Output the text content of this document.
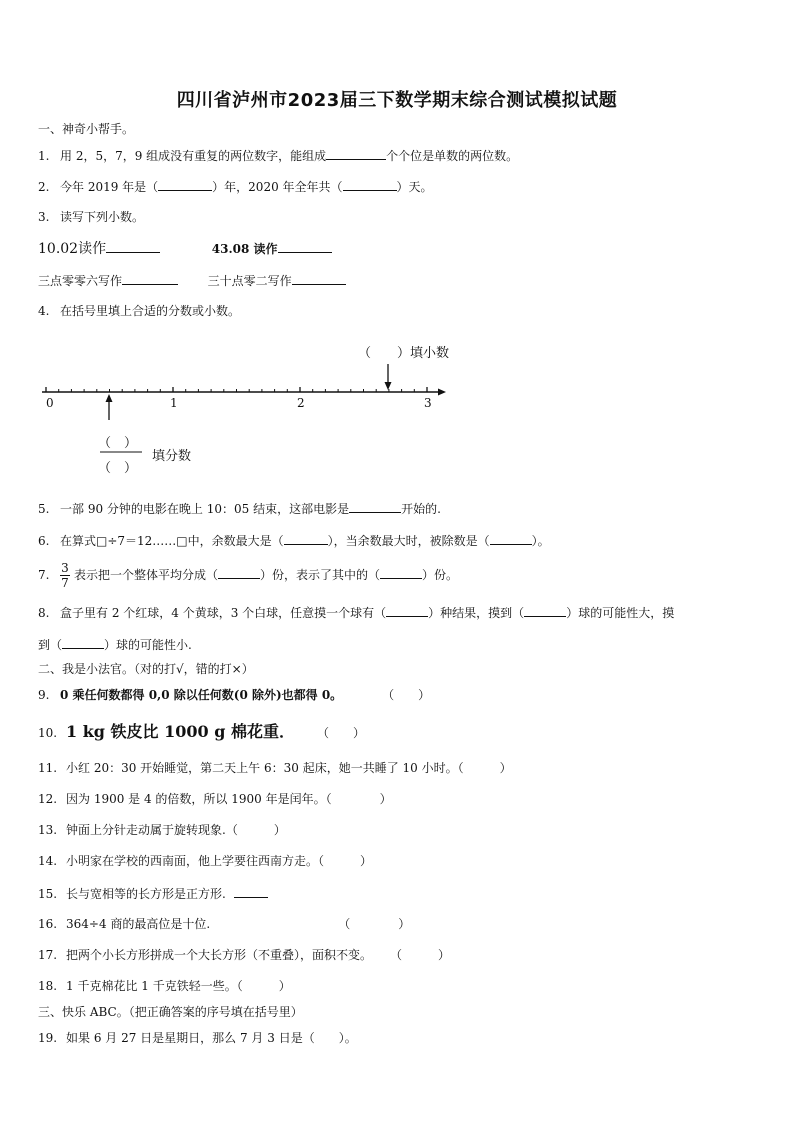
四川省泸州市2023届三下数学期末综合测试模拟试题
一、神奇小帮手。
1. 用 2，5，7，9 组成没有重复的两位数字，能组成	个个位是单数的两位数。
2. 今年 2019 年是（	）年，2020 年全年共（	）天。
3. 读写下列小数。
10.02读作	43.08 读作
三点零零六写作	三十点零二写作
4. 在括号里填上合适的分数或小数。
0	1	2	3
（　　）填小数
（　）
（　）
填分数
5. 一部 90 分钟的电影在晚上 10：05 结束，这部电影是	开始的.
6. 在算式□÷7＝12……□中，余数最大是（	），当余数最大时，被除数是（	）。
7. $\frac{3}{7}$ 表示把一个整体平均分成（	）份，表示了其中的（	）份。
8. 盒子里有 2 个红球，4 个黄球，3 个白球，任意摸一个球有（	）种结果，摸到（	）球的可能性大，摸
到（	）球的可能性小.
二、我是小法官。（对的打√，错的打×）
9. 0 乘任何数都得 0,0 除以任何数(0 除外)也都得 0。	（　　）
10. 1 kg 铁皮比 1000 g 棉花重． （　　）
11. 小红 20：30 开始睡觉，第二天上午 6：30 起床，她一共睡了 10 小时。（　　　）
12. 因为 1900 是 4 的倍数，所以 1900 年是闰年。（　　　　）
13. 钟面上分针走动属于旋转现象.（　　　）
14. 小明家在学校的西南面，他上学要往西南方走。（　　　）
15. 长与宽相等的长方形是正方形.
16. 364÷4 商的最高位是十位.	（　　　　）
17. 把两个小长方形拼成一个大长方形（不重叠），面积不变。 （　　　）
18. 1 千克棉花比 1 千克铁轻一些。（　　　）
三、快乐 ABC。（把正确答案的序号填在括号里）
19. 如果 6 月 27 日是星期日，那么 7 月 3 日是（　　）。
